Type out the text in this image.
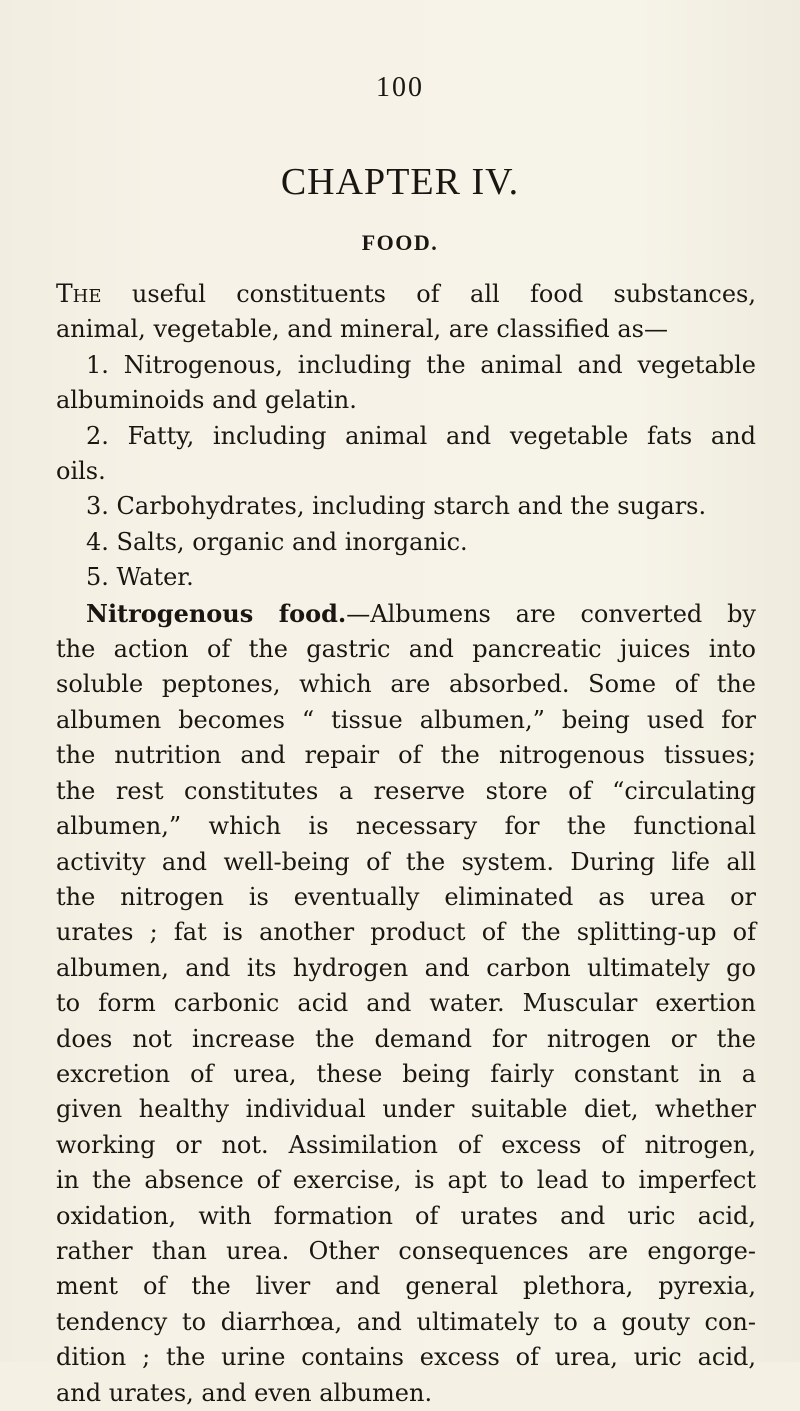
100
CHAPTER IV.
FOOD.

The useful constituents of all food substances,

animal, vegetable, and mineral, are classified as—

1. Nitrogenous, including the animal and vegetable

albuminoids and gelatin.

2. Fatty, including animal and vegetable fats and

oils.

3. Carbohydrates, including starch and the sugars.

4. Salts, organic and inorganic.

5. Water.

Nitrogenous food.—Albumens are converted by

the action of the gastric and pancreatic juices into

soluble peptones, which are absorbed. Some of the

albumen becomes “ tissue albumen,” being used for

the nutrition and repair of the nitrogenous tissues;

the rest constitutes a reserve store of “circulating

albumen,” which is necessary for the functional

activity and well-being of the system. During life all

the nitrogen is eventually eliminated as urea or

urates ; fat is another product of the splitting-up of

albumen, and its hydrogen and carbon ultimately go

to form carbonic acid and water. Muscular exertion

does not increase the demand for nitrogen or the

excretion of urea, these being fairly constant in a

given healthy individual under suitable diet, whether

working or not. Assimilation of excess of nitrogen,

in the absence of exercise, is apt to lead to imperfect

oxidation, with formation of urates and uric acid,

rather than urea. Other consequences are engorge-

ment of the liver and general plethora, pyrexia,

tendency to diarrhœa, and ultimately to a gouty con-

dition ; the urine contains excess of urea, uric acid,

and urates, and even albumen.
